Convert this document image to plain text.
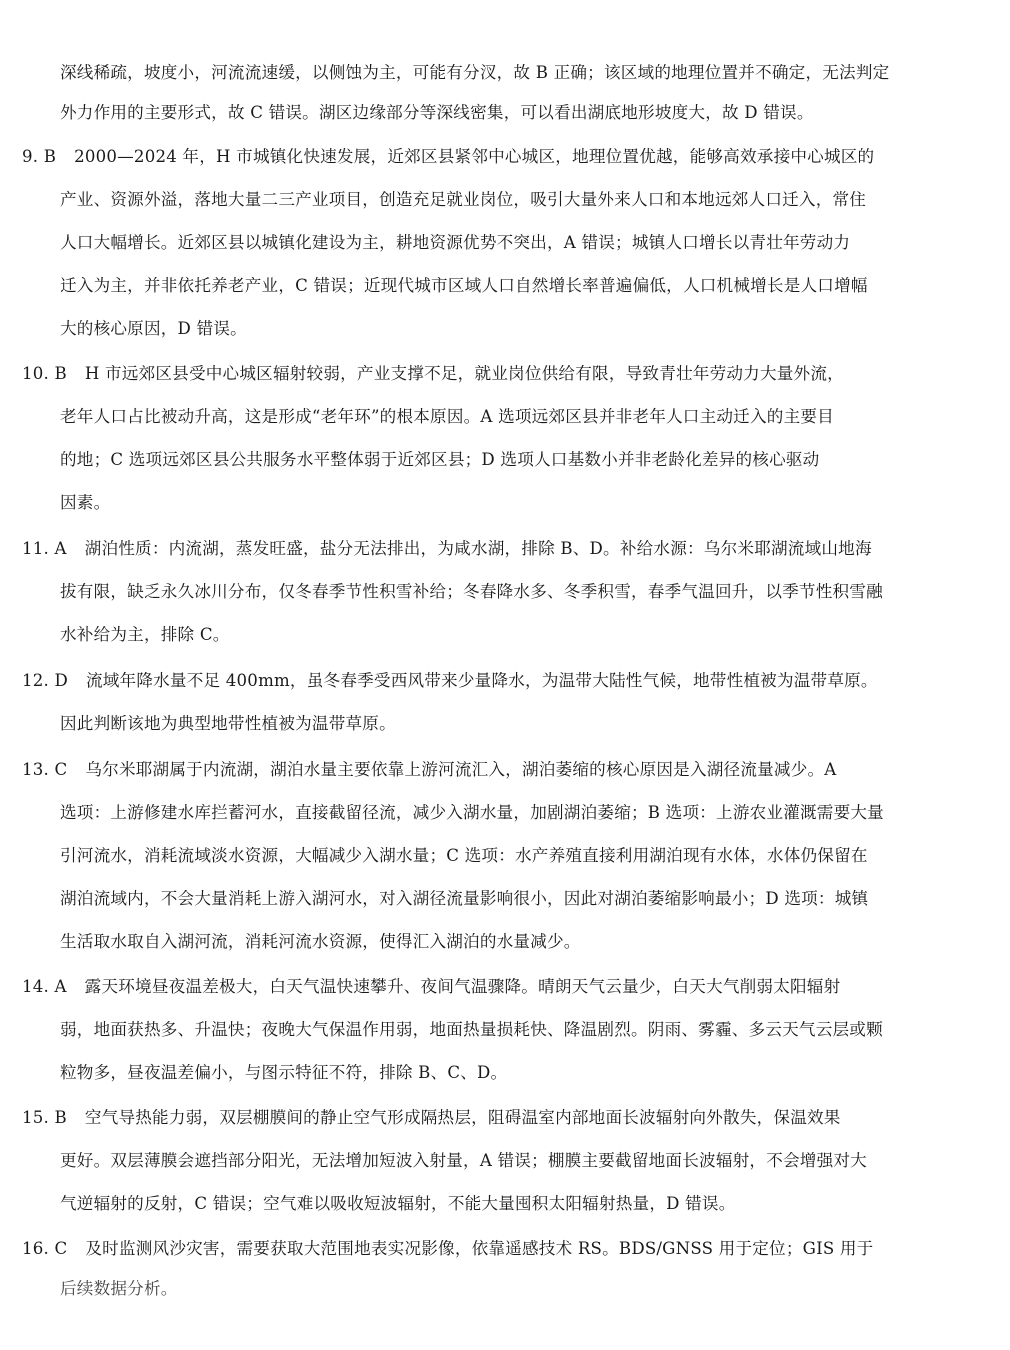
深线稀疏，坡度小，河流流速缓，以侧蚀为主，可能有分汊，故 B 正确；该区域的地理位置并不确定，无法判定
外力作用的主要形式，故 C 错误。湖区边缘部分等深线密集，可以看出湖底地形坡度大，故 D 错误。
9. B 2000—2024 年，H 市城镇化快速发展，近郊区县紧邻中心城区，地理位置优越，能够高效承接中心城区的
产业、资源外溢，落地大量二三产业项目，创造充足就业岗位，吸引大量外来人口和本地远郊人口迁入，常住
人口大幅增长。近郊区县以城镇化建设为主，耕地资源优势不突出，A 错误；城镇人口增长以青壮年劳动力
迁入为主，并非依托养老产业，C 错误；近现代城市区域人口自然增长率普遍偏低，人口机械增长是人口增幅
大的核心原因，D 错误。
10. B H 市远郊区县受中心城区辐射较弱，产业支撑不足，就业岗位供给有限，导致青壮年劳动力大量外流，
老年人口占比被动升高，这是形成“老年环”的根本原因。A 选项远郊区县并非老年人口主动迁入的主要目
的地；C 选项远郊区县公共服务水平整体弱于近郊区县；D 选项人口基数小并非老龄化差异的核心驱动
因素。
11. A 湖泊性质：内流湖，蒸发旺盛，盐分无法排出，为咸水湖，排除 B、D。补给水源：乌尔米耶湖流域山地海
拔有限，缺乏永久冰川分布，仅冬春季节性积雪补给；冬春降水多、冬季积雪，春季气温回升，以季节性积雪融
水补给为主，排除 C。
12. D 流域年降水量不足 400mm，虽冬春季受西风带来少量降水，为温带大陆性气候，地带性植被为温带草原。
因此判断该地为典型地带性植被为温带草原。
13. C 乌尔米耶湖属于内流湖，湖泊水量主要依靠上游河流汇入，湖泊萎缩的核心原因是入湖径流量减少。A
选项：上游修建水库拦蓄河水，直接截留径流，减少入湖水量，加剧湖泊萎缩；B 选项：上游农业灌溉需要大量
引河流水，消耗流域淡水资源，大幅减少入湖水量；C 选项：水产养殖直接利用湖泊现有水体，水体仍保留在
湖泊流域内，不会大量消耗上游入湖河水，对入湖径流量影响很小，因此对湖泊萎缩影响最小；D 选项：城镇
生活取水取自入湖河流，消耗河流水资源，使得汇入湖泊的水量减少。
14. A 露天环境昼夜温差极大，白天气温快速攀升、夜间气温骤降。晴朗天气云量少，白天大气削弱太阳辐射
弱，地面获热多、升温快；夜晚大气保温作用弱，地面热量损耗快、降温剧烈。阴雨、雾霾、多云天气云层或颗
粒物多，昼夜温差偏小，与图示特征不符，排除 B、C、D。
15. B 空气导热能力弱，双层棚膜间的静止空气形成隔热层，阻碍温室内部地面长波辐射向外散失，保温效果
更好。双层薄膜会遮挡部分阳光，无法增加短波入射量，A 错误；棚膜主要截留地面长波辐射，不会增强对大
气逆辐射的反射，C 错误；空气难以吸收短波辐射，不能大量囤积太阳辐射热量，D 错误。
16. C 及时监测风沙灾害，需要获取大范围地表实况影像，依靠遥感技术 RS。BDS/GNSS 用于定位；GIS 用于
后续数据分析。
